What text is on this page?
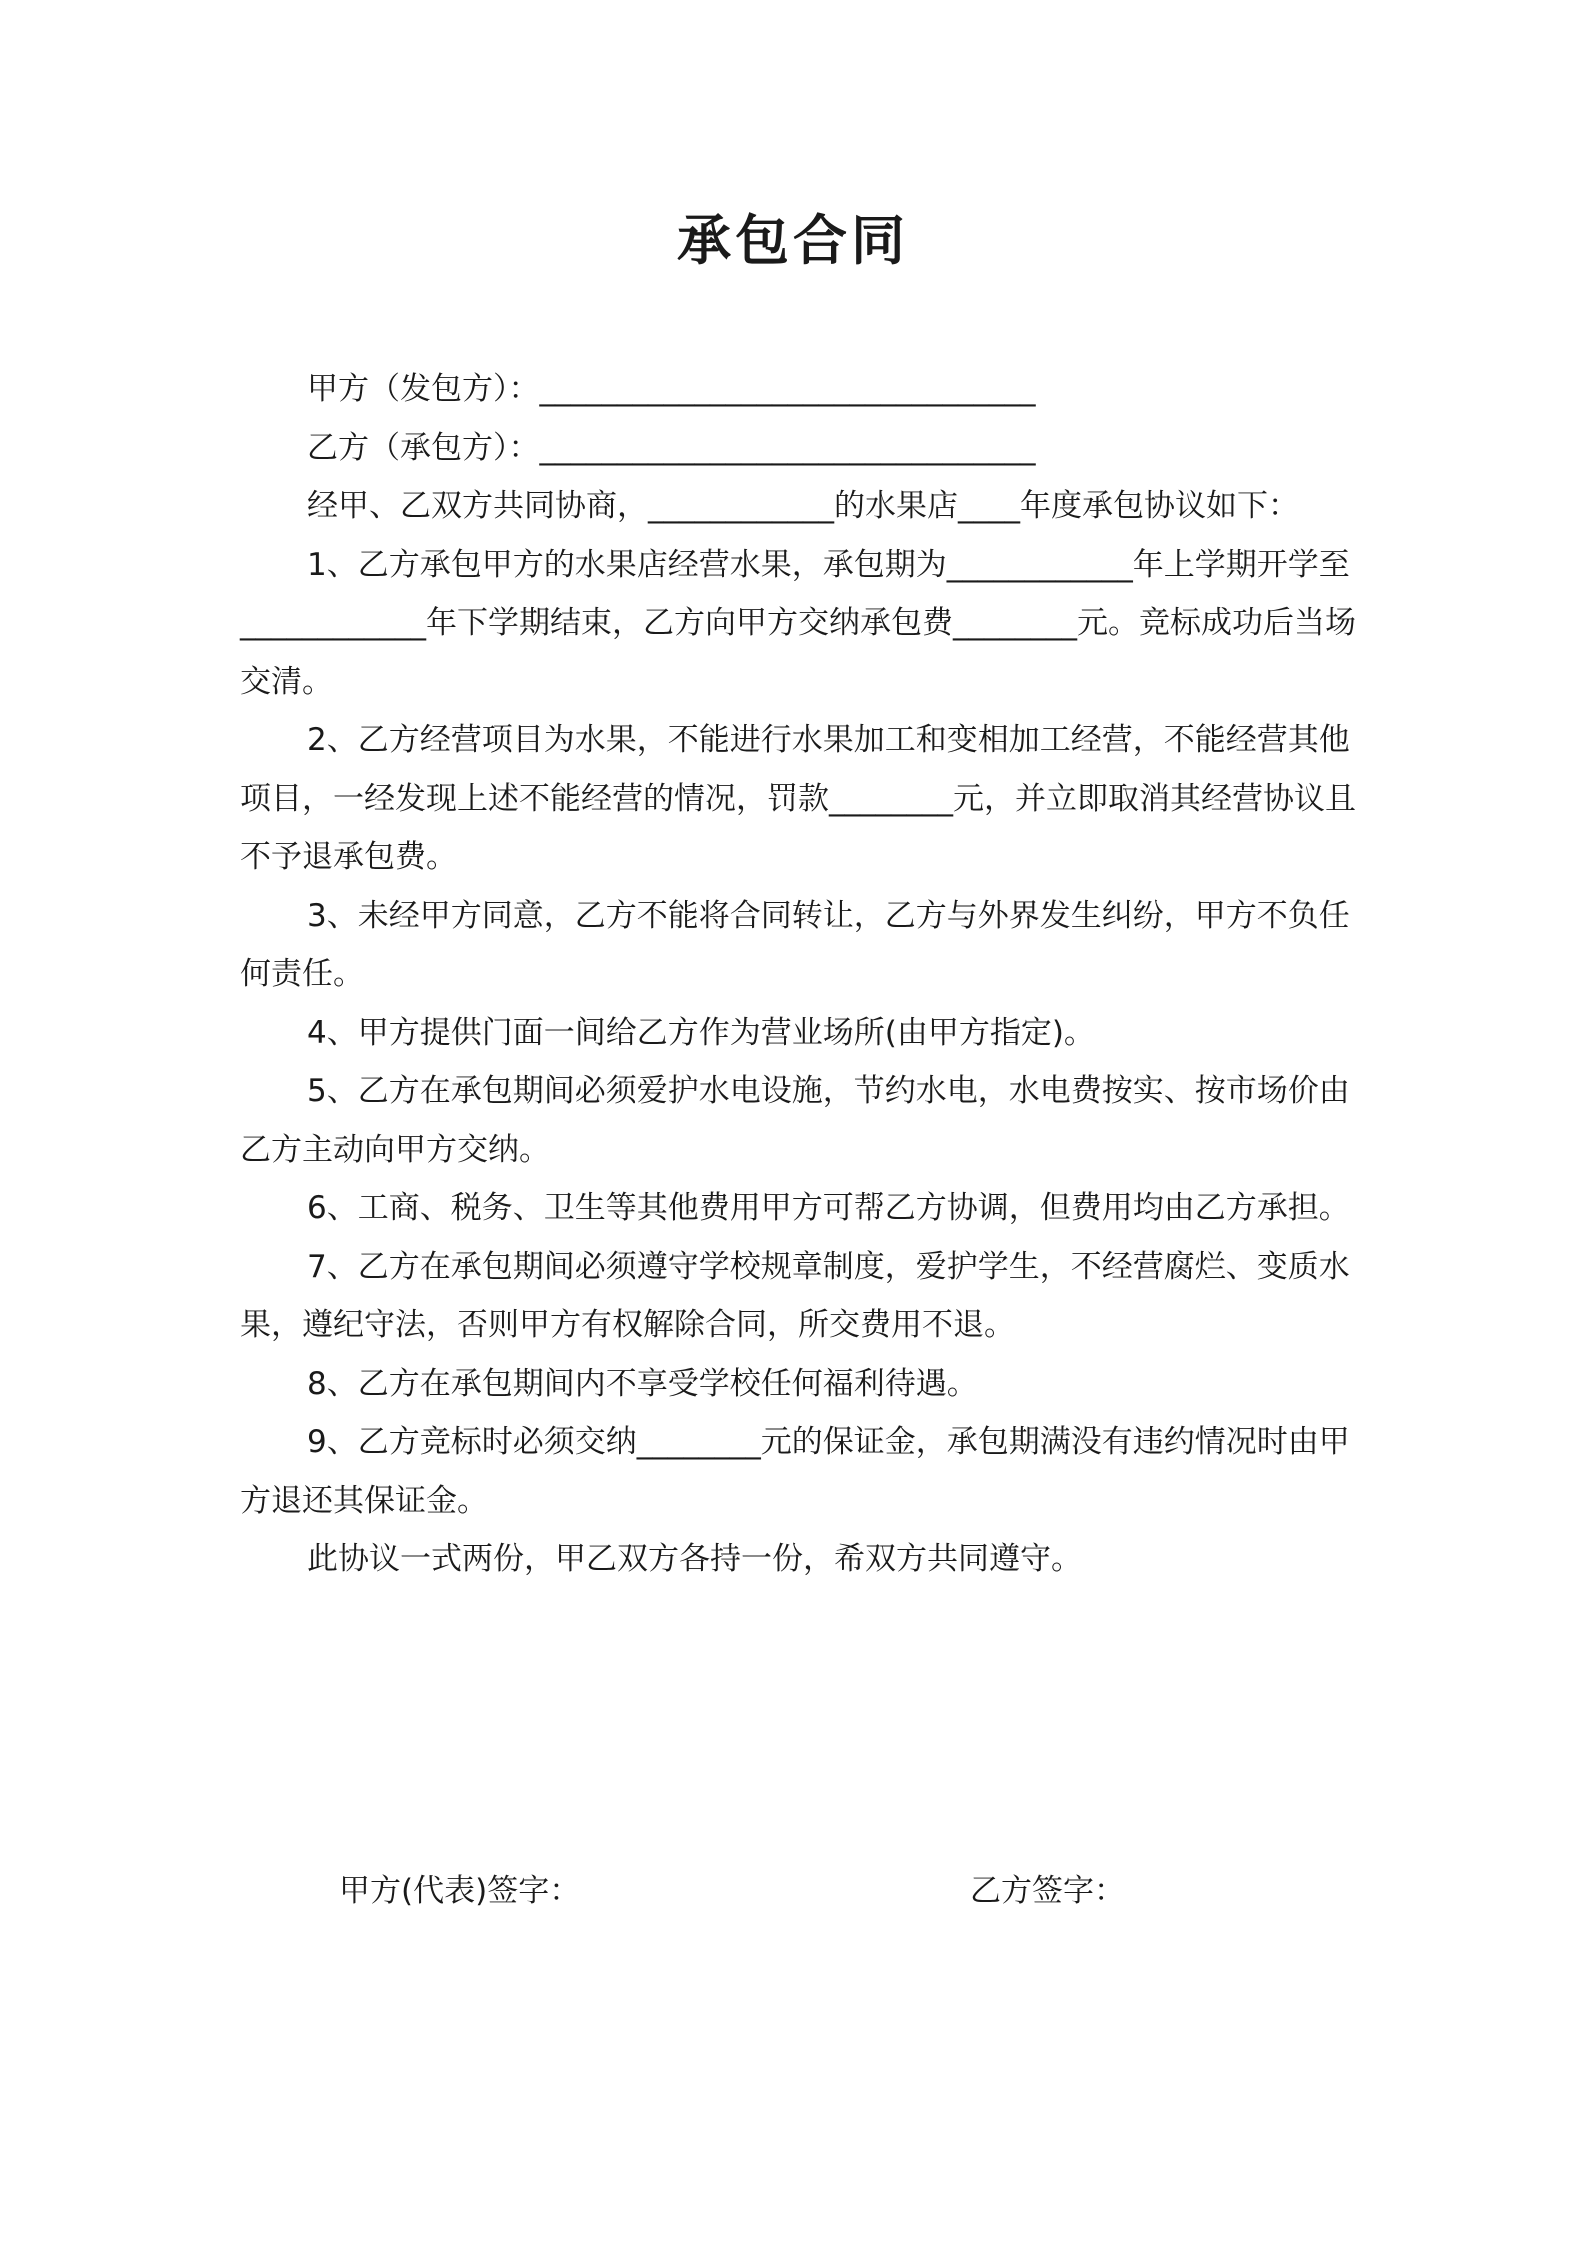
承包合同

甲方（发包方）：________________________________

乙方（承包方）：________________________________

经甲、乙双方共同协商，____________的水果店____年度承包协议如下：

1、乙方承包甲方的水果店经营水果，承包期为____________年上学期开学至____________年下学期结束，乙方向甲方交纳承包费________元。竞标成功后当场交清。

2、乙方经营项目为水果，不能进行水果加工和变相加工经营，不能经营其他项目，一经发现上述不能经营的情况，罚款________元，并立即取消其经营协议且不予退承包费。

3、未经甲方同意，乙方不能将合同转让，乙方与外界发生纠纷，甲方不负任何责任。

4、甲方提供门面一间给乙方作为营业场所(由甲方指定)。

5、乙方在承包期间必须爱护水电设施，节约水电，水电费按实、按市场价由乙方主动向甲方交纳。

6、工商、税务、卫生等其他费用甲方可帮乙方协调，但费用均由乙方承担。

7、乙方在承包期间必须遵守学校规章制度，爱护学生，不经营腐烂、变质水果，遵纪守法，否则甲方有权解除合同，所交费用不退。

8、乙方在承包期间内不享受学校任何福利待遇。

9、乙方竞标时必须交纳________元的保证金，承包期满没有违约情况时由甲方退还其保证金。

此协议一式两份，甲乙双方各持一份，希双方共同遵守。

甲方(代表)签字：	乙方签字：
